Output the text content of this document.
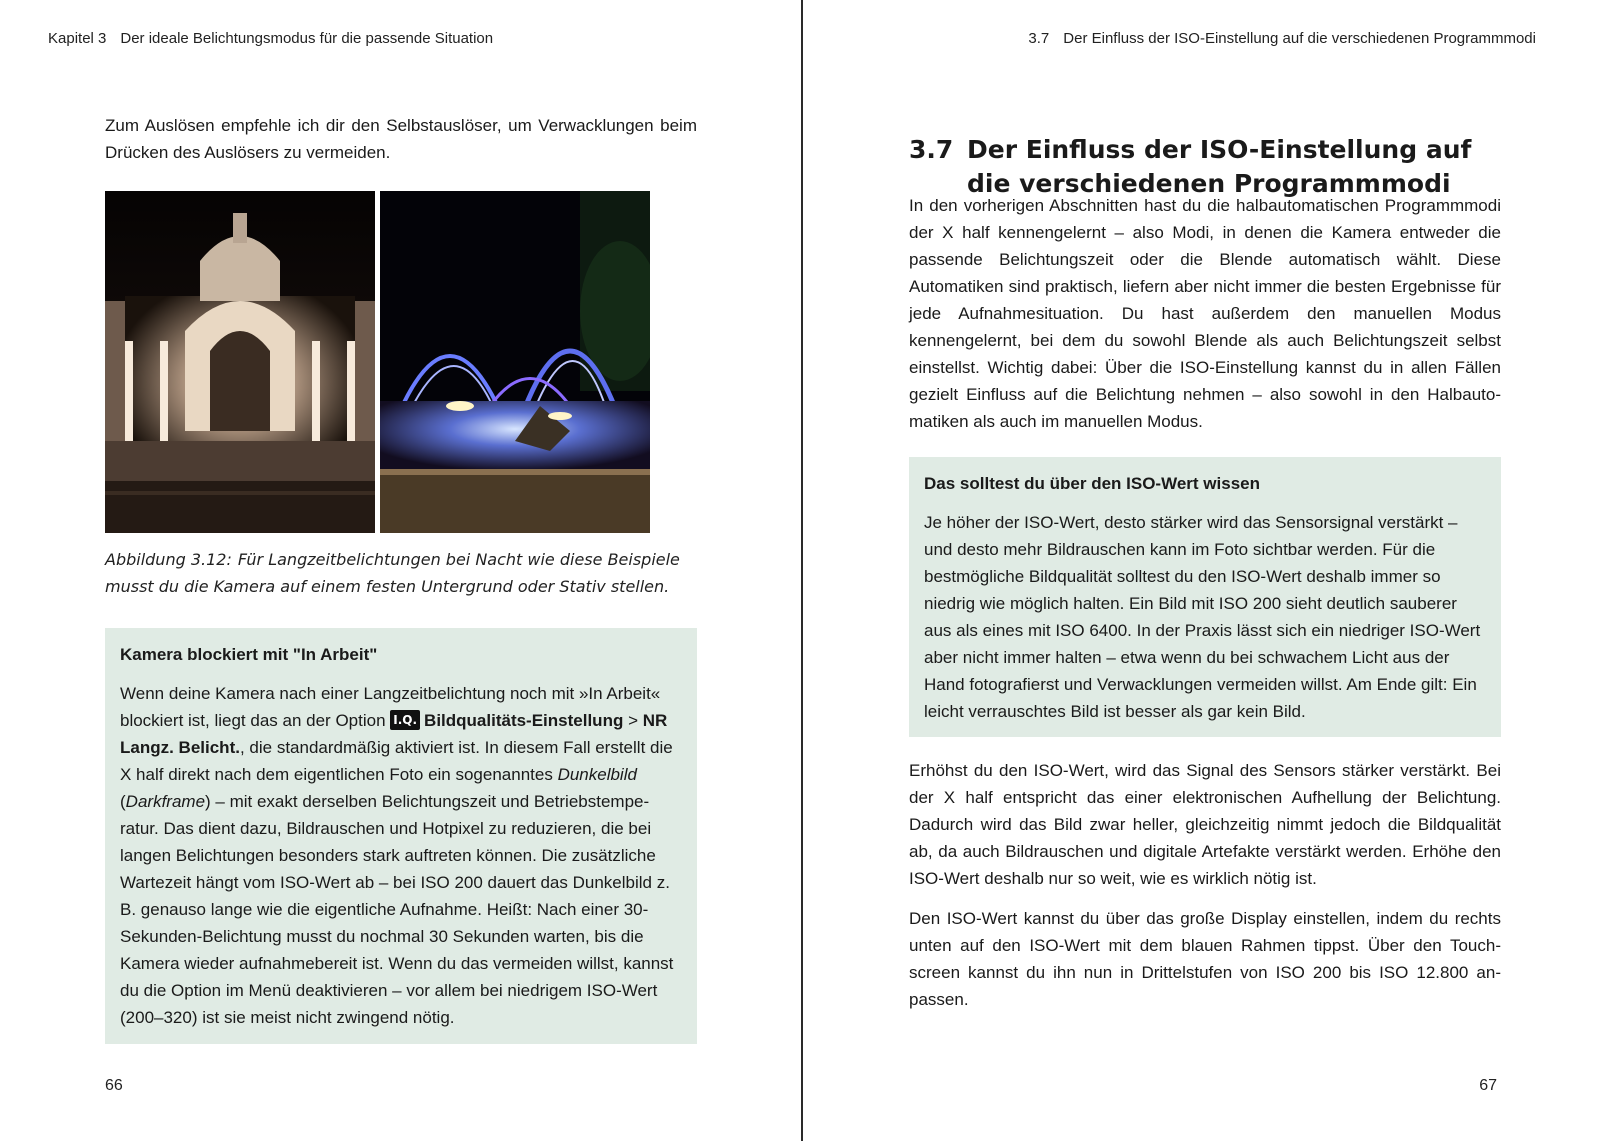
Kapitel 3 Der ideale Belichtungsmodus für die passende Situation

Zum Auslösen empfehle ich dir den Selbstauslöser, um Verwacklungen beim Drücken des Auslösers zu vermeiden.

Abbildung 3.12: Für Langzeitbelichtungen bei Nacht wie diese Beispiele musst du die Kamera auf einem festen Untergrund oder Stativ stellen.
Kamera blockiert mit "In Arbeit"

Wenn deine Kamera nach einer Langzeitbelichtung noch mit »In Arbeit« blockiert ist, liegt das an der Option I.Q. Bildqualitäts-Einstellung > NR Langz. Belicht., die standardmäßig aktiviert ist. In diesem Fall erstellt die X half direkt nach dem eigentlichen Foto ein sogenanntes Dunkelbild (Darkframe) – mit exakt derselben Belichtungszeit und Betriebstemperatur. Das dient dazu, Bildrauschen und Hotpixel zu reduzieren, die bei langen Belichtungen besonders stark auftreten können. Die zusätzliche Wartezeit hängt vom ISO-Wert ab – bei ISO 200 dauert das Dunkelbild z. B. genauso lange wie die eigentliche Aufnahme. Heißt: Nach einer 30-Sekunden-Belichtung musst du nochmal 30 Sekunden warten, bis die Kamera wieder aufnahmebereit ist. Wenn du das vermeiden willst, kannst du die Option im Menü deaktivieren – vor allem bei niedrigem ISO-Wert (200–320) ist sie meist nicht zwingend nötig.

66
3.7 Der Einfluss der ISO-Einstellung auf die verschiedenen Programmmodi
3.7 Der Einfluss der ISO-Einstellung auf die verschiedenen Programmmodi

In den vorherigen Abschnitten hast du die halbautomatischen Programmmodi der X half kennengelernt – also Modi, in denen die Kamera entweder die passende Belichtungszeit oder die Blende automatisch wählt. Diese Automatiken sind praktisch, liefern aber nicht immer die besten Ergebnisse für jede Aufnahmesituation. Du hast außerdem den manuellen Modus kennengelernt, bei dem du sowohl Blende als auch Belichtungszeit selbst einstellst. Wichtig dabei: Über die ISO-Einstellung kannst du in allen Fällen gezielt Einfluss auf die Belichtung nehmen – also sowohl in den Halbautomatiken als auch im manuellen Modus.

Das solltest du über den ISO-Wert wissen

Je höher der ISO-Wert, desto stärker wird das Sensorsignal verstärkt – und desto mehr Bildrauschen kann im Foto sichtbar werden. Für die bestmögliche Bildqualität solltest du den ISO-Wert deshalb immer so niedrig wie möglich halten. Ein Bild mit ISO 200 sieht deutlich sauberer aus als eines mit ISO 6400. In der Praxis lässt sich ein niedriger ISO-Wert aber nicht immer halten – etwa wenn du bei schwachem Licht aus der Hand fotografierst und Verwacklungen vermeiden willst. Am Ende gilt: Ein leicht verrauschtes Bild ist besser als gar kein Bild.

Erhöhst du den ISO-Wert, wird das Signal des Sensors stärker verstärkt. Bei der X half entspricht das einer elektronischen Aufhellung der Belichtung. Dadurch wird das Bild zwar heller, gleichzeitig nimmt jedoch die Bildqualität ab, da auch Bildrauschen und digitale Artefakte verstärkt werden. Erhöhe den ISO-Wert deshalb nur so weit, wie es wirklich nötig ist.

Den ISO-Wert kannst du über das große Display einstellen, indem du rechts unten auf den ISO-Wert mit dem blauen Rahmen tippst. Über den Touchscreen kannst du ihn nun in Drittelstufen von ISO 200 bis ISO 12.800 anpassen.

67
